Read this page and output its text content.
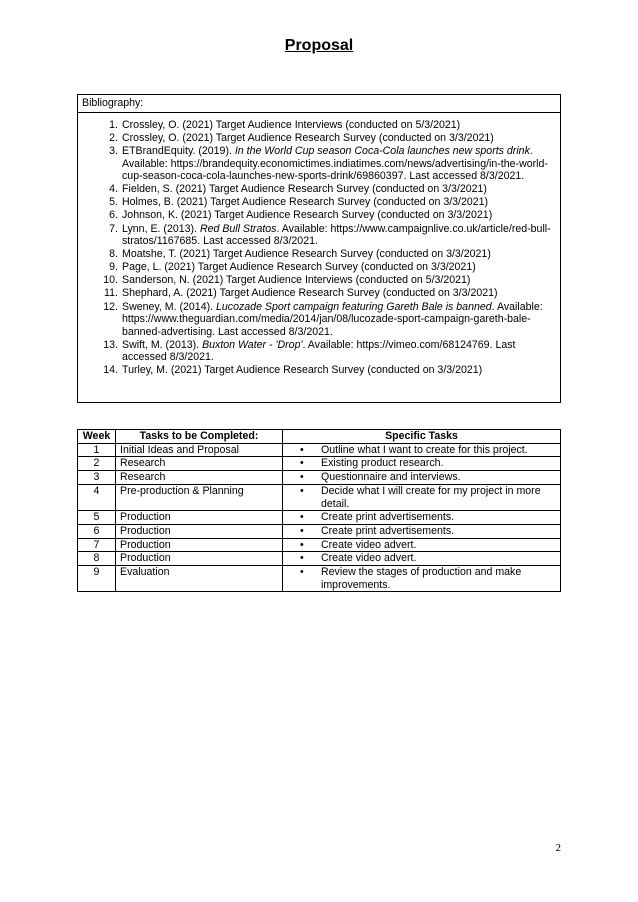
Proposal
Bibliography:
1. Crossley, O. (2021) Target Audience Interviews (conducted on 5/3/2021)
2. Crossley, O. (2021) Target Audience Research Survey (conducted on 3/3/2021)
3. ETBrandEquity. (2019). In the World Cup season Coca-Cola launches new sports drink. Available: https://brandequity.economictimes.indiatimes.com/news/advertising/in-the-world-cup-season-coca-cola-launches-new-sports-drink/69860397. Last accessed 8/3/2021.
4. Fielden, S. (2021) Target Audience Research Survey (conducted on 3/3/2021)
5. Holmes, B. (2021) Target Audience Research Survey (conducted on 3/3/2021)
6. Johnson, K. (2021) Target Audience Research Survey (conducted on 3/3/2021)
7. Lynn, E. (2013). Red Bull Stratos. Available: https://www.campaignlive.co.uk/article/red-bull-stratos/1167685. Last accessed 8/3/2021.
8. Moatshe, T. (2021) Target Audience Research Survey (conducted on 3/3/2021)
9. Page, L. (2021) Target Audience Research Survey (conducted on 3/3/2021)
10. Sanderson, N. (2021) Target Audience Interviews (conducted on 5/3/2021)
11. Shephard, A. (2021) Target Audience Research Survey (conducted on 3/3/2021)
12. Sweney, M. (2014). Lucozade Sport campaign featuring Gareth Bale is banned. Available: https://www.theguardian.com/media/2014/jan/08/lucozade-sport-campaign-gareth-bale-banned-advertising. Last accessed 8/3/2021.
13. Swift, M. (2013). Buxton Water - 'Drop'. Available: https://vimeo.com/68124769. Last accessed 8/3/2021.
14. Turley, M. (2021) Target Audience Research Survey (conducted on 3/3/2021)
Week	Tasks to be Completed:	Specific Tasks
1	Initial Ideas and Proposal	• Outline what I want to create for this project.
2	Research	• Existing product research.
3	Research	• Questionnaire and interviews.
4	Pre-production & Planning	• Decide what I will create for my project in more detail.
5	Production	• Create print advertisements.
6	Production	• Create print advertisements.
7	Production	• Create video advert.
8	Production	• Create video advert.
9	Evaluation	• Review the stages of production and make improvements.
2
